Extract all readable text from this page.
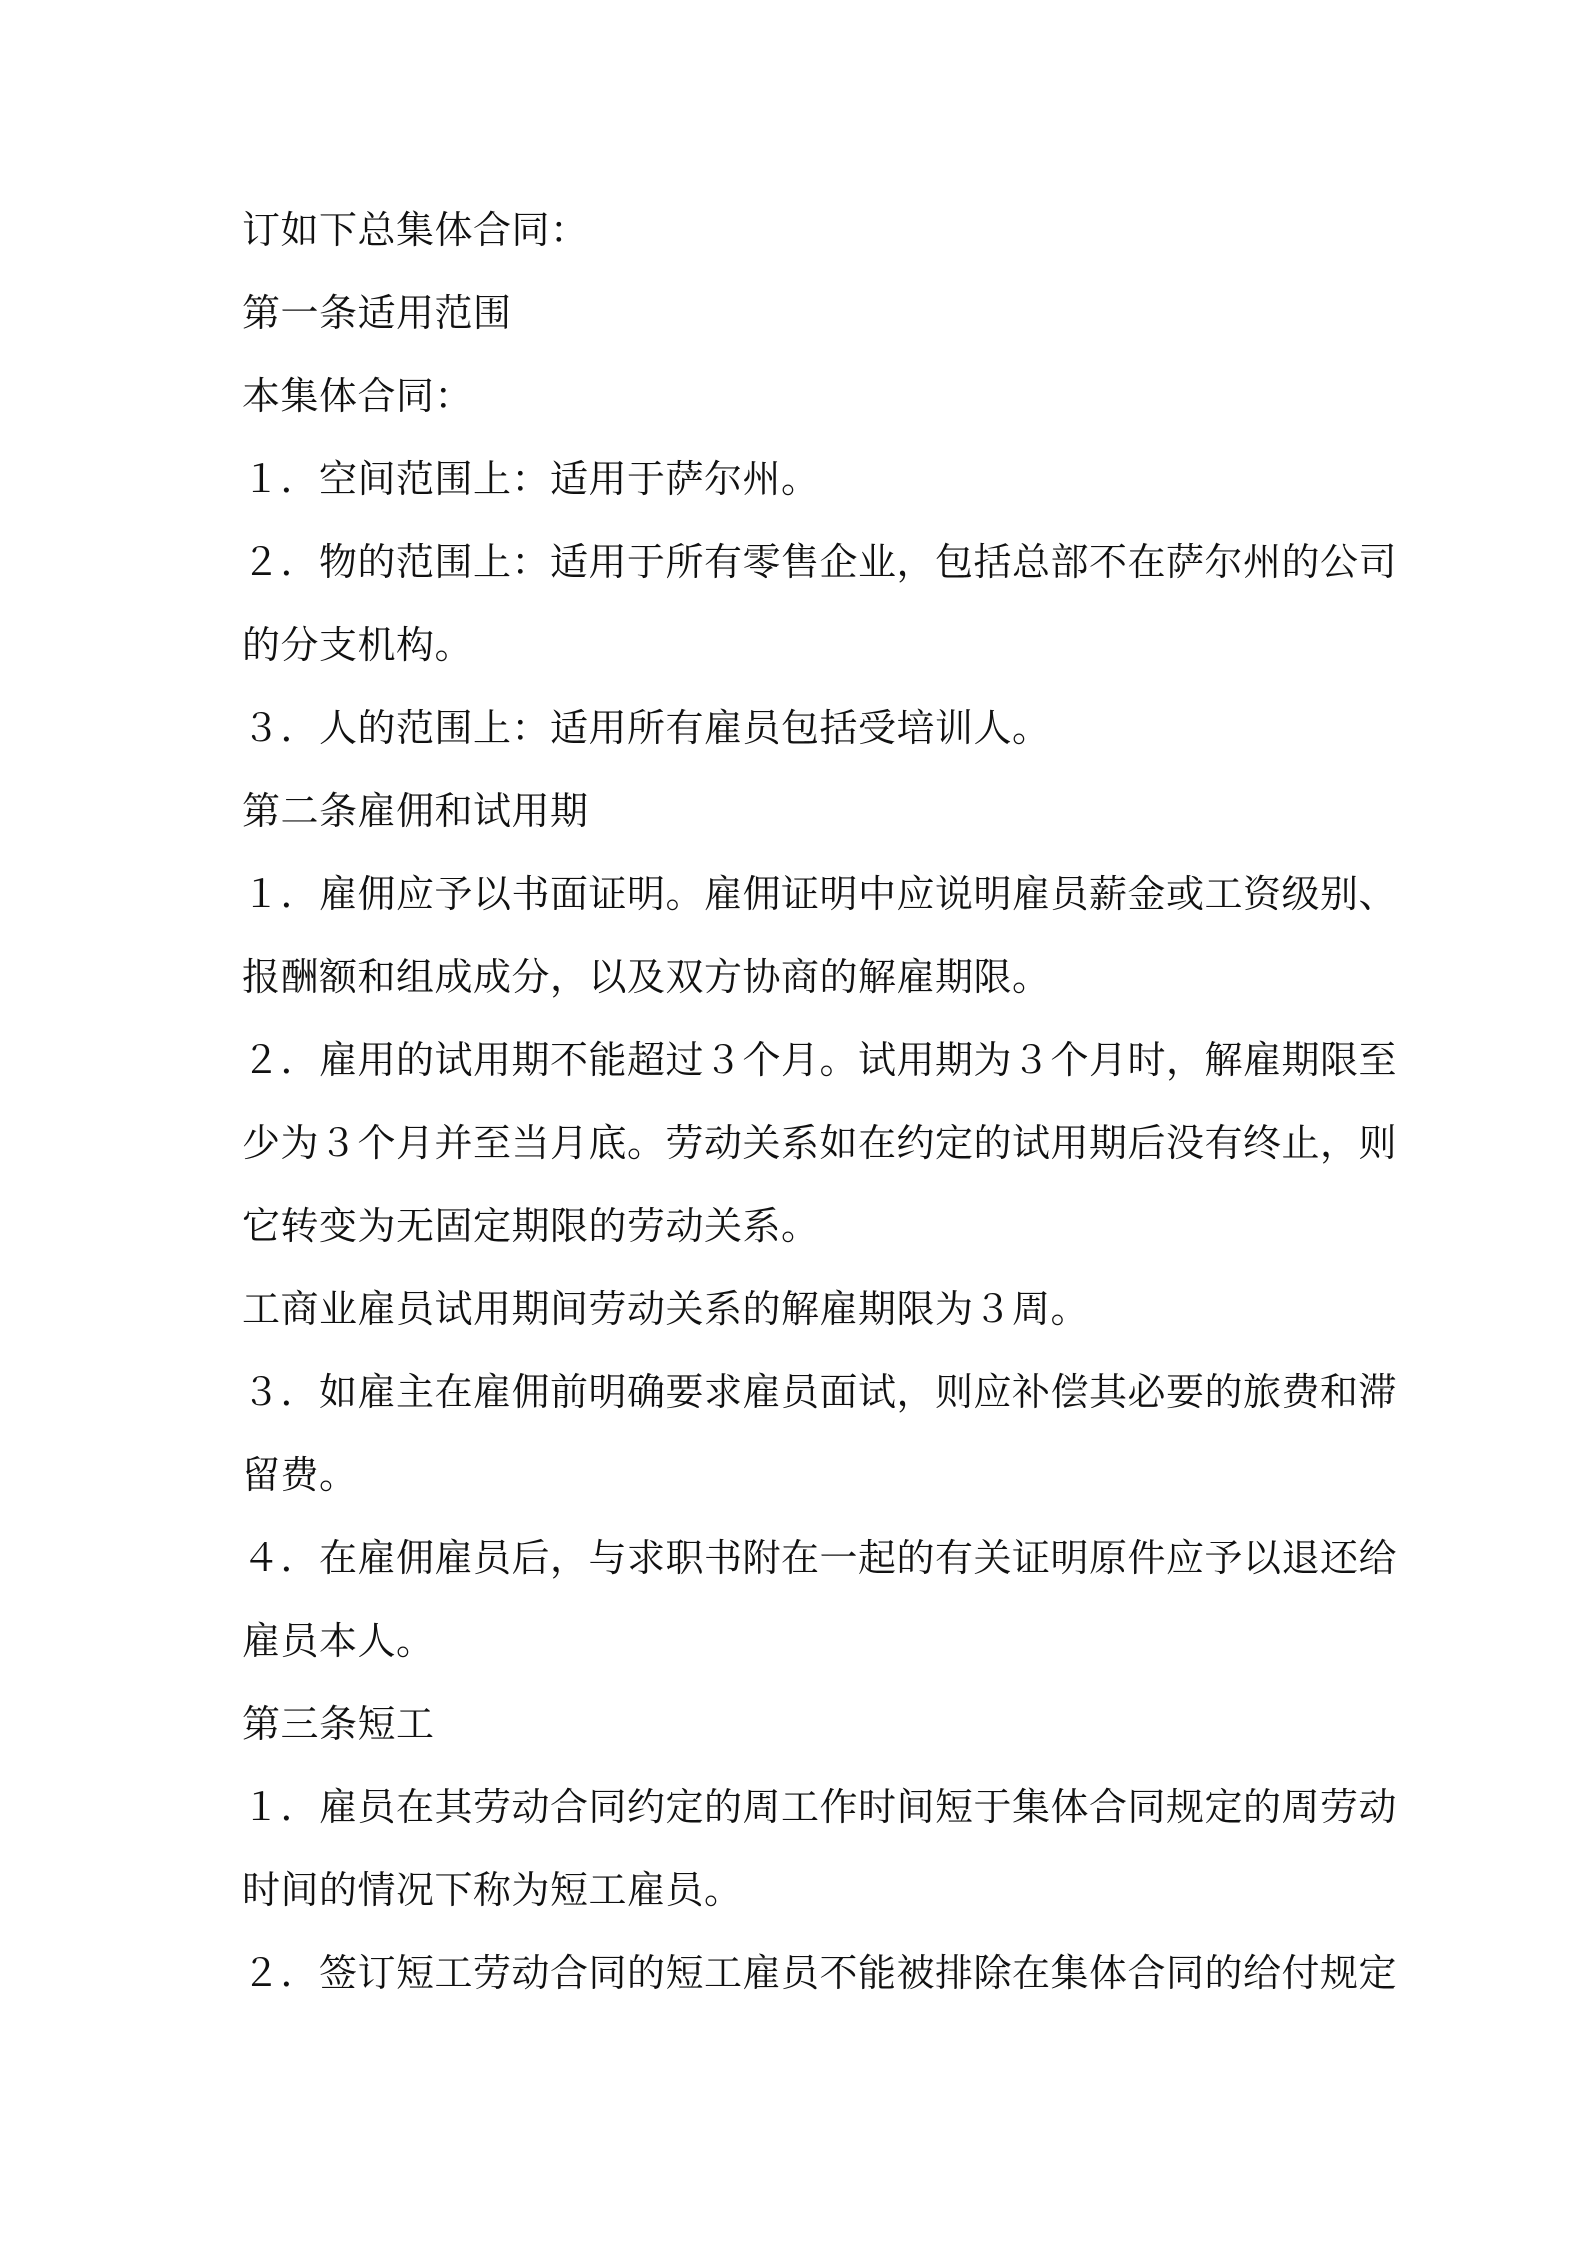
订如下总集体合同：
第一条适用范围
本集体合同：
１．空间范围上：适用于萨尔州。
２．物的范围上：适用于所有零售企业，包括总部不在萨尔州的公司
的分支机构。
３．人的范围上：适用所有雇员包括受培训人。
第二条雇佣和试用期
１．雇佣应予以书面证明。雇佣证明中应说明雇员薪金或工资级别、
报酬额和组成成分，以及双方协商的解雇期限。
２．雇用的试用期不能超过３个月。试用期为３个月时，解雇期限至
少为３个月并至当月底。劳动关系如在约定的试用期后没有终止，则
它转变为无固定期限的劳动关系。
工商业雇员试用期间劳动关系的解雇期限为３周。
３．如雇主在雇佣前明确要求雇员面试，则应补偿其必要的旅费和滞
留费。
４．在雇佣雇员后，与求职书附在一起的有关证明原件应予以退还给
雇员本人。
第三条短工
１．雇员在其劳动合同约定的周工作时间短于集体合同规定的周劳动
时间的情况下称为短工雇员。
２．签订短工劳动合同的短工雇员不能被排除在集体合同的给付规定
